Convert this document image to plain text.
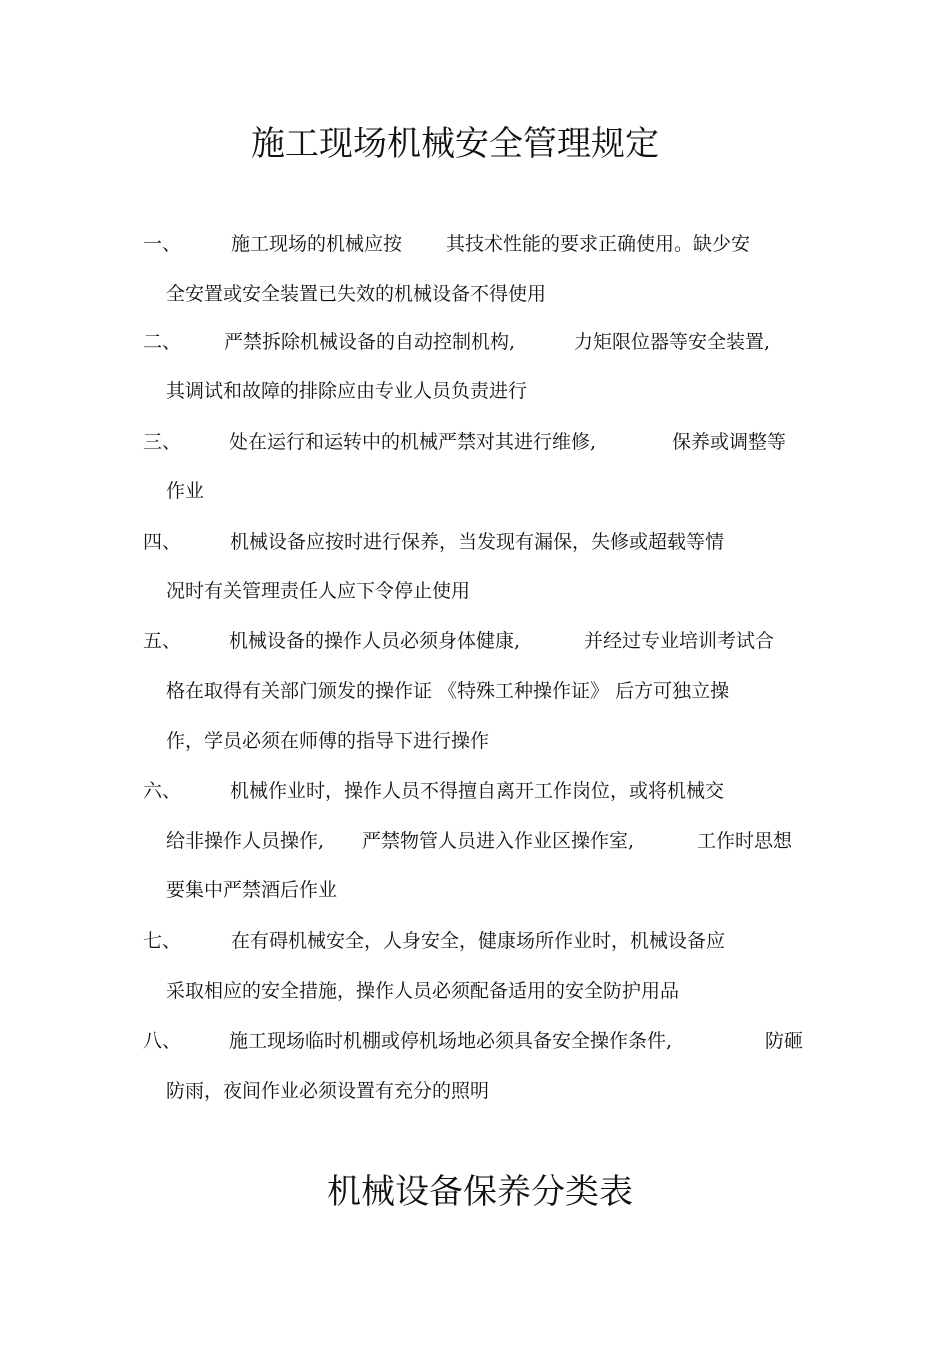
施工现场机械安全管理规定
一、	施工现场的机械应按 其技术性能的要求正确使用。缺少安
全安置或安全装置已失效的机械设备不得使用
二、 严禁拆除机械设备的自动控制机构,	力矩限位器等安全装置,
其调试和故障的排除应由专业人员负责进行
三、	处在运行和运转中的机械严禁对其进行维修,	保养或调整等
作业
四、	机械设备应按时进行保养，当发现有漏保，失修或超载等情
况时有关管理责任人应下令停止使用
五、	机械设备的操作人员必须身体健康,	并经过专业培训考试合
格在取得有关部门颁发的操作证 《特殊工种操作证》 后方可独立操
作，学员必须在师傅的指导下进行操作
六、	机械作业时，操作人员不得擅自离开工作岗位，或将机械交
给非操作人员操作, 严禁物管人员进入作业区操作室,	工作时思想
要集中严禁酒后作业
七、	在有碍机械安全，人身安全，健康场所作业时，机械设备应
采取相应的安全措施，操作人员必须配备适用的安全防护用品
八、	施工现场临时机棚或停机场地必须具备安全操作条件,	防砸
防雨，夜间作业必须设置有充分的照明
机械设备保养分类表
